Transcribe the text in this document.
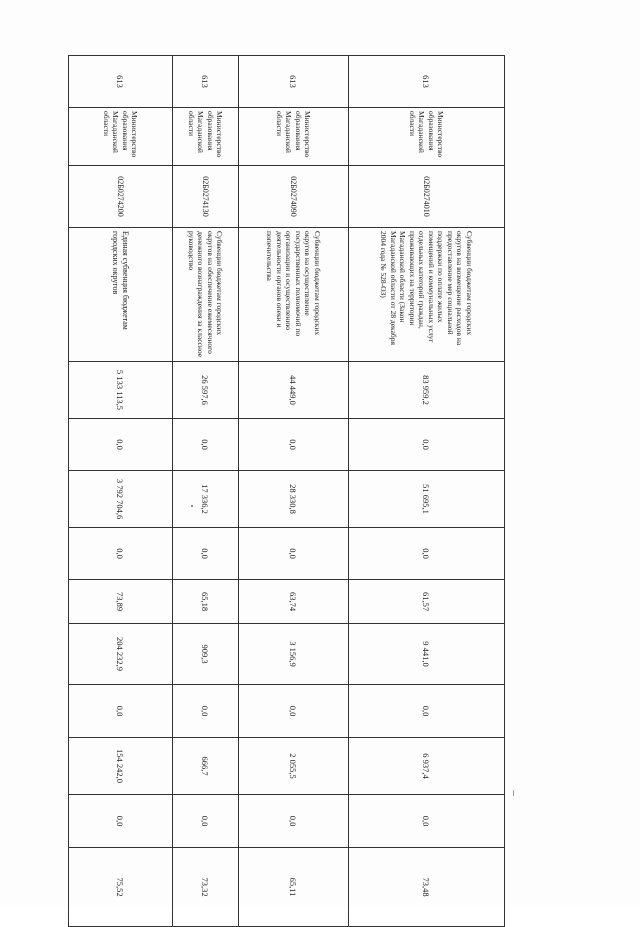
613	Министерство образования Магаданской области	02Б0274010	Субвенции бюджетам городских округов на возмещение расходов на предоставление мер социальной поддержки по оплате жилых помещений и коммунальных услуг отдельных категорий граждан, проживающих на территории Магаданской области (Закон Магаданской области от 28 декабря 2004 года № 528-ОЗ)	83 959,2	0,0	51 695,1	0,0	61,57	9 441,0	0,0	6 937,4	0,0	73,48
613	Министерство образования Магаданской области	02Б0274090	Субвенции бюджетам городских округов на осуществление государственных полномочий по организации и осуществлению деятельности органов опеки и попечительства	44 449,0	0,0	28 330,8	0,0	63,74	3 156,9	0,0	2 055,5	0,0	65,11
613	Министерство образования Магаданской области	02Б0274130	Субвенции бюджетам городских округов на обеспечение ежемесячного денежного вознаграждения за классное руководство	26 597,6	0,0	17 336,2	0,0	65,18	909,3	0,0	666,7	0,0	73,32
613	Министерство образования Магаданской области	02Б0274200	Единая субвенция бюджетам городских округов	5 133 113,5	0,0	3 792 704,6	0,0	73,89	204 232,9	0,0	154 242,0	0,0	75,52
